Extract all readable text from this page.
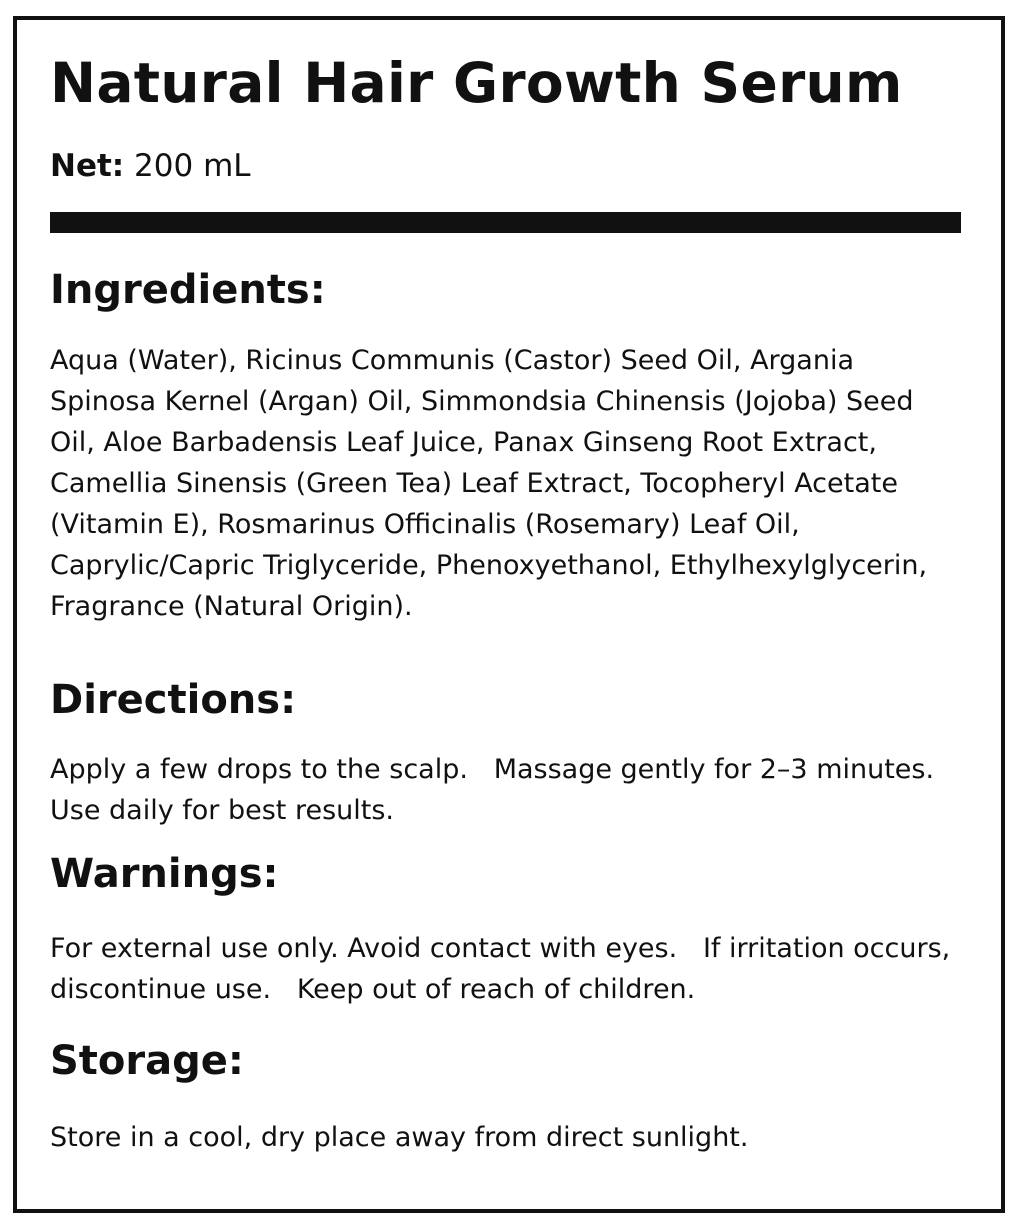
Natural Hair Growth Serum
Net: 200 mL
Ingredients:

Aqua (Water), Ricinus Communis (Castor) Seed Oil, Argania Spinosa Kernel (Argan) Oil, Simmondsia Chinensis (Jojoba) Seed Oil, Aloe Barbadensis Leaf Juice, Panax Ginseng Root Extract, Camellia Sinensis (Green Tea) Leaf Extract, Tocopheryl Acetate (Vitamin E), Rosmarinus Officinalis (Rosemary) Leaf Oil, Caprylic/Capric Triglyceride, Phenoxyethanol, Ethylhexylglycerin, Fragrance (Natural Origin).

Directions:

Apply a few drops to the scalp. Massage gently for 2–3 minutes.
Use daily for best results.

Warnings:

For external use only. Avoid contact with eyes. If irritation occurs, discontinue use. Keep out of reach of children.

Storage:

Store in a cool, dry place away from direct sunlight.
